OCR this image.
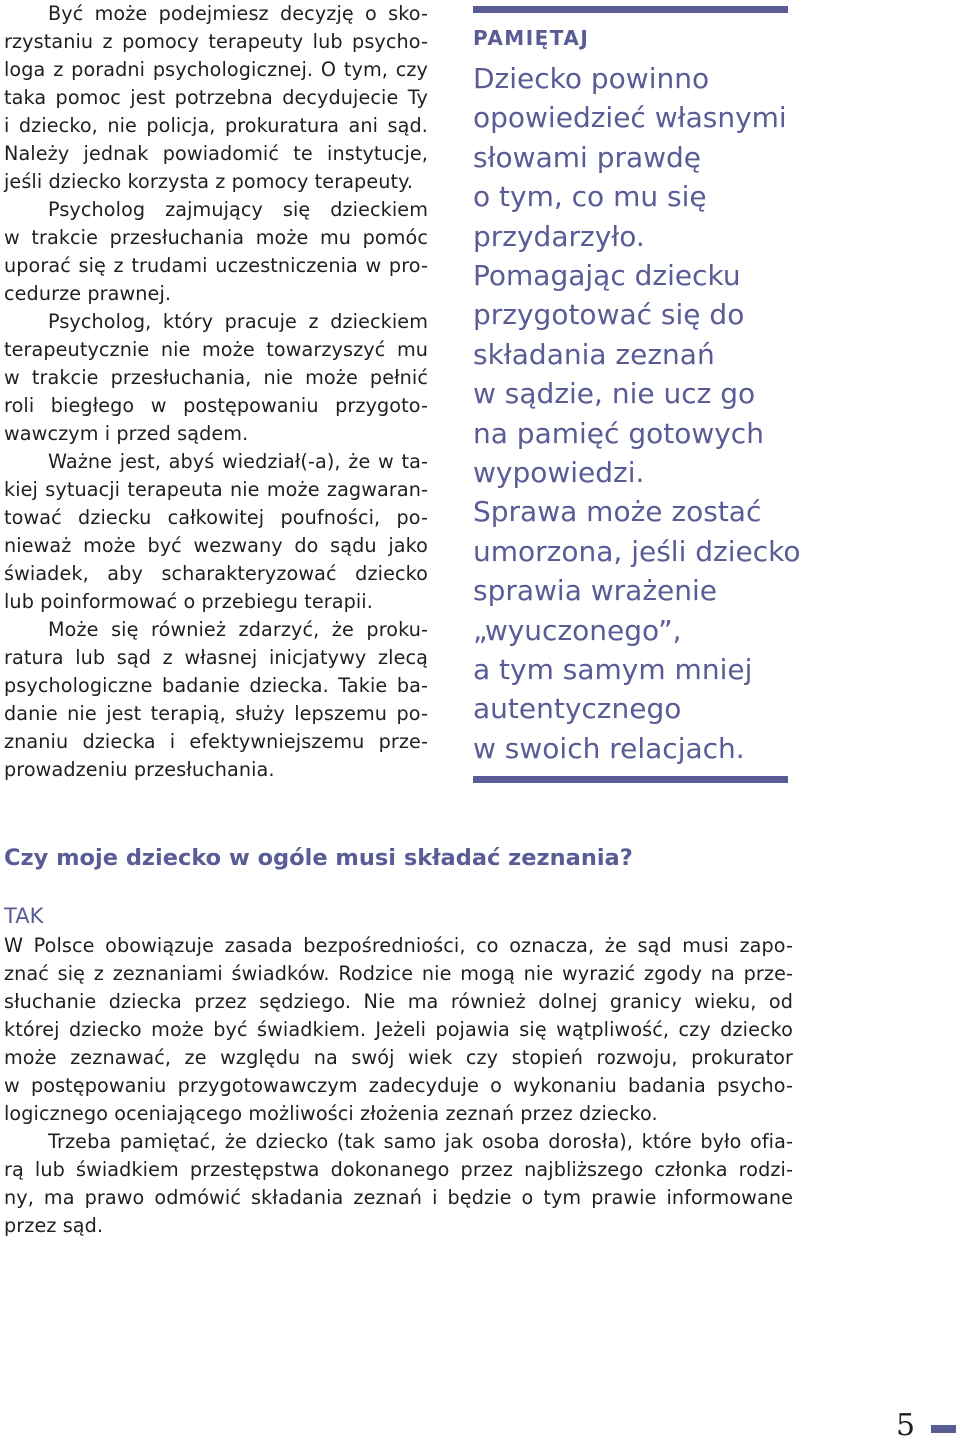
Być może podejmiesz decyzję o sko-

rzystaniu z pomocy terapeuty lub psycho-

loga z poradni psychologicznej. O tym, czy

taka pomoc jest potrzebna decydujecie Ty

i dziecko, nie policja, prokuratura ani sąd.

Należy jednak powiadomić te instytucje,

jeśli dziecko korzysta z pomocy terapeuty.

Psycholog zajmujący się dzieckiem

w trakcie przesłuchania może mu pomóc

uporać się z trudami uczestniczenia w pro-

cedurze prawnej.

Psycholog, który pracuje z dzieckiem

terapeutycznie nie może towarzyszyć mu

w trakcie przesłuchania, nie może pełnić

roli biegłego w postępowaniu przygoto-

wawczym i przed sądem.

Ważne jest, abyś wiedział(-a), że w ta-

kiej sytuacji terapeuta nie może zagwaran-

tować dziecku całkowitej poufności, po-

nieważ może być wezwany do sądu jako

świadek, aby scharakteryzować dziecko

lub poinformować o przebiegu terapii.

Może się również zdarzyć, że proku-

ratura lub sąd z własnej inicjatywy zlecą

psychologiczne badanie dziecka. Takie ba-

danie nie jest terapią, służy lepszemu po-

znaniu dziecka i efektywniejszemu prze-

prowadzeniu przesłuchania.

PAMIĘTAJ

Dziecko powinno

opowiedzieć własnymi

słowami prawdę

o tym, co mu się

przydarzyło.

Pomagając dziecku

przygotować się do

składania zeznań

w sądzie, nie ucz go

na pamięć gotowych

wypowiedzi.

Sprawa może zostać

umorzona, jeśli dziecko

sprawia wrażenie

„wyuczonego”,

a tym samym mniej

autentycznego

w swoich relacjach.

Czy moje dziecko w ogóle musi składać zeznania?

TAK

W Polsce obowiązuje zasada bezpośredniości, co oznacza, że sąd musi zapo-

znać się z zeznaniami świadków. Rodzice nie mogą nie wyrazić zgody na prze-

słuchanie dziecka przez sędziego. Nie ma również dolnej granicy wieku, od

której dziecko może być świadkiem. Jeżeli pojawia się wątpliwość, czy dziecko

może zeznawać, ze względu na swój wiek czy stopień rozwoju, prokurator

w postępowaniu przygotowawczym zadecyduje o wykonaniu badania psycho-

logicznego oceniającego możliwości złożenia zeznań przez dziecko.

Trzeba pamiętać, że dziecko (tak samo jak osoba dorosła), które było ofia-

rą lub świadkiem przestępstwa dokonanego przez najbliższego członka rodzi-

ny, ma prawo odmówić składania zeznań i będzie o tym prawie informowane

przez sąd.

5
